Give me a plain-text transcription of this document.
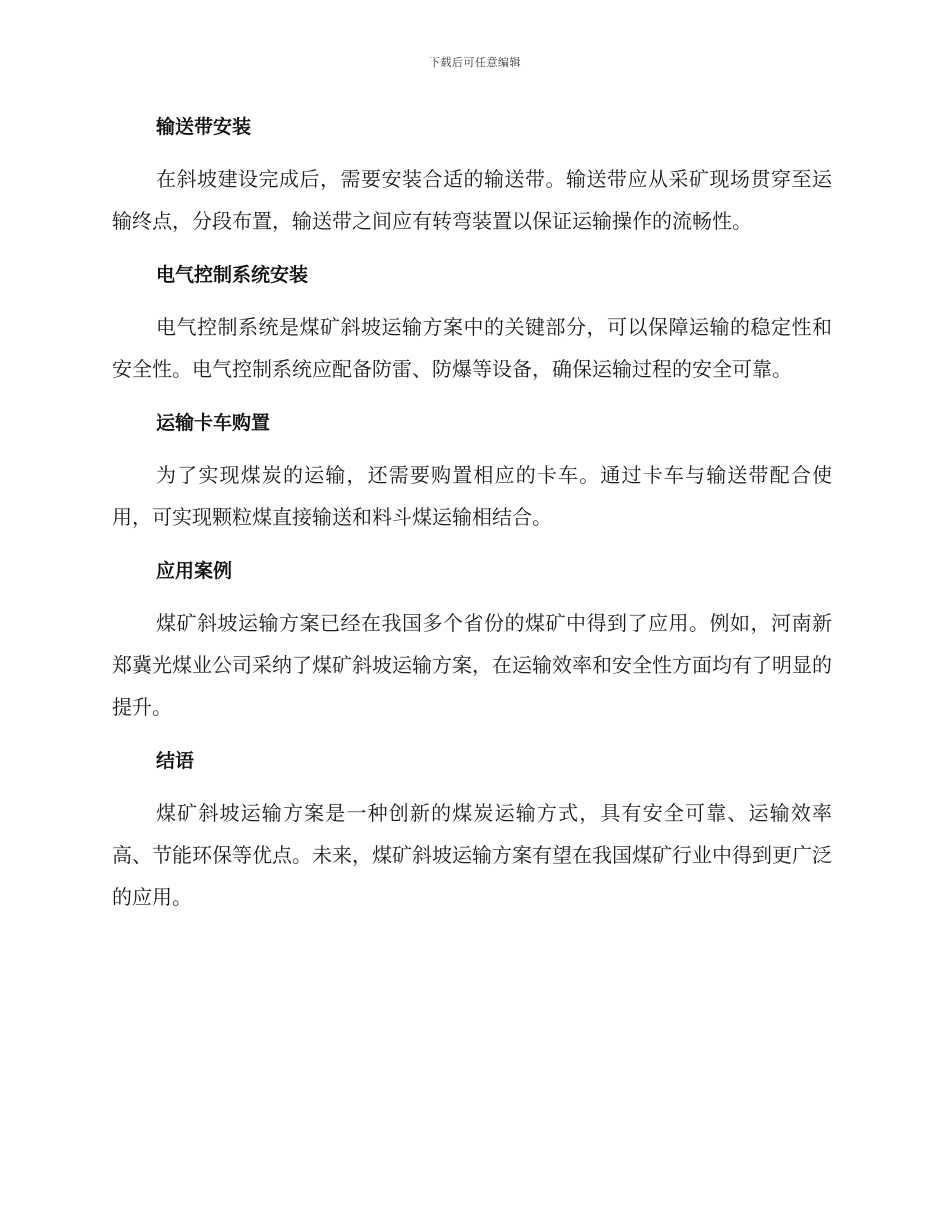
下载后可任意编辑
输送带安装

在斜坡建设完成后，需要安装合适的输送带。输送带应从采矿现场贯穿至运输终点，分段布置，输送带之间应有转弯装置以保证运输操作的流畅性。

电气控制系统安装

电气控制系统是煤矿斜坡运输方案中的关键部分，可以保障运输的稳定性和安全性。电气控制系统应配备防雷、防爆等设备，确保运输过程的安全可靠。

运输卡车购置

为了实现煤炭的运输，还需要购置相应的卡车。通过卡车与输送带配合使用，可实现颗粒煤直接输送和料斗煤运输相结合。

应用案例

煤矿斜坡运输方案已经在我国多个省份的煤矿中得到了应用。例如，河南新郑冀光煤业公司采纳了煤矿斜坡运输方案，在运输效率和安全性方面均有了明显的提升。

结语

煤矿斜坡运输方案是一种创新的煤炭运输方式，具有安全可靠、运输效率高、节能环保等优点。未来，煤矿斜坡运输方案有望在我国煤矿行业中得到更广泛的应用。
